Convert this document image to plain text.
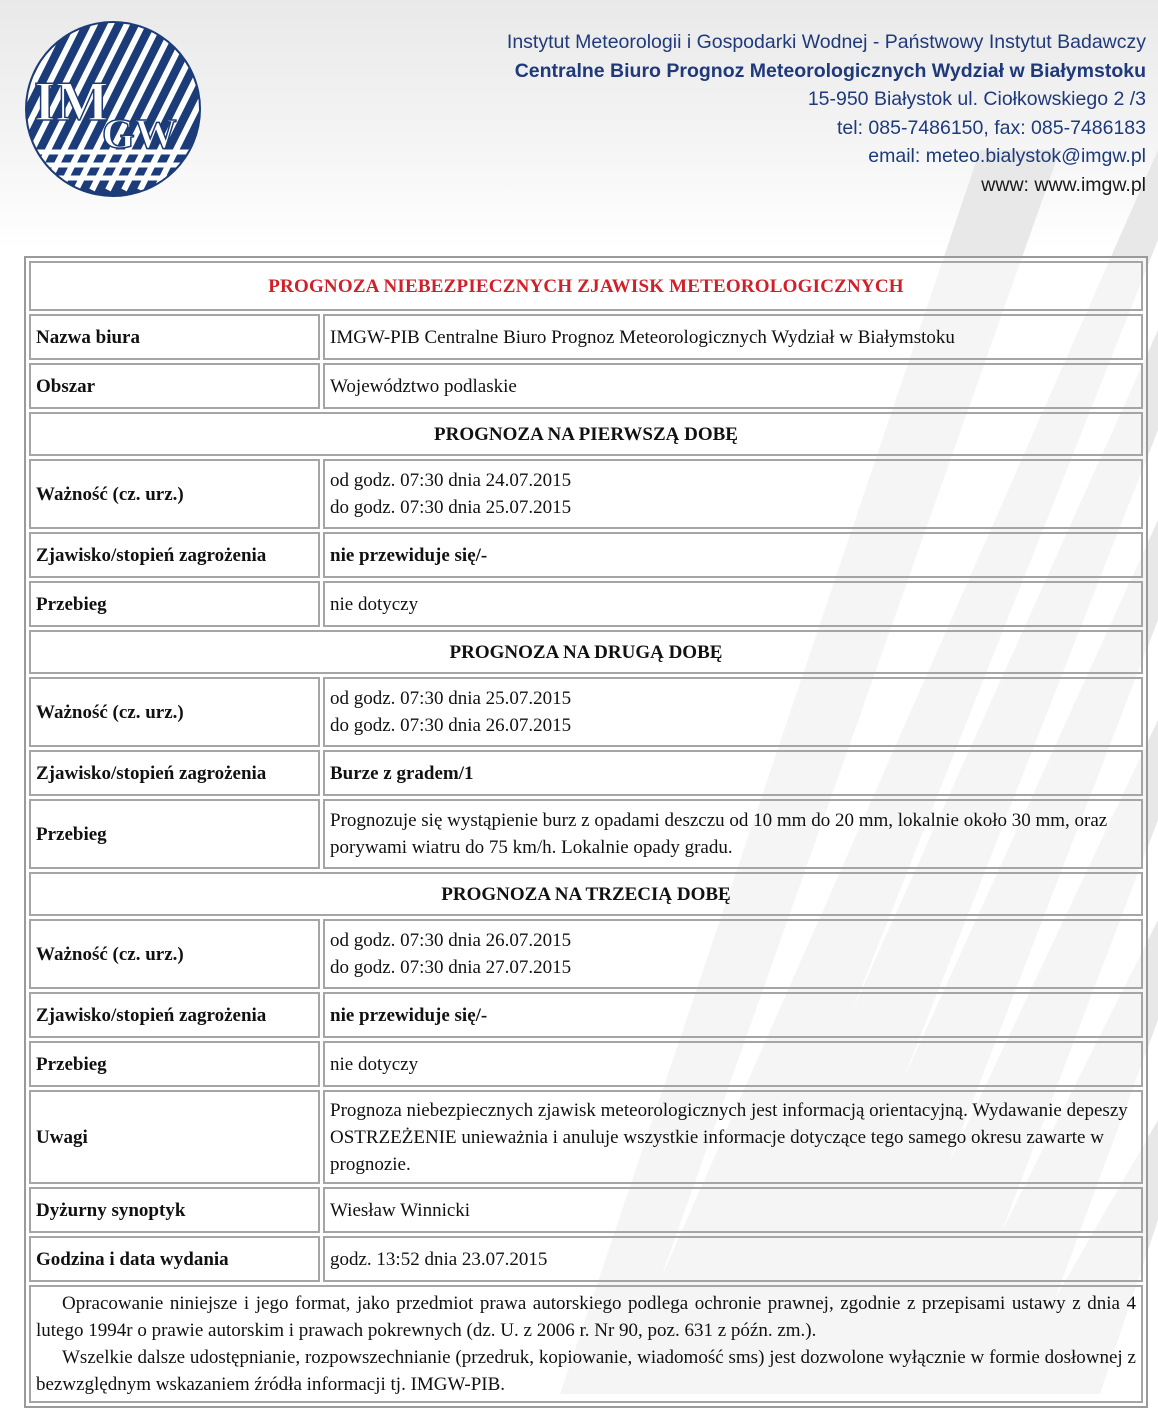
IM
GW
Instytut Meteorologii i Gospodarki Wodnej - Państwowy Instytut Badawczy
Centralne Biuro Prognoz Meteorologicznych Wydział w Białymstoku
15-950 Białystok ul. Ciołkowskiego 2 /3
tel: 085-7486150, fax: 085-7486183
email: meteo.bialystok@imgw.pl
www: www.imgw.pl
PROGNOZA NIEBEZPIECZNYCH ZJAWISK METEOROLOGICZNYCH	
Nazwa biura	IMGW-PIB Centralne Biuro Prognoz Meteorologicznych Wydział w Białymstoku
Obszar	Województwo podlaskie
PROGNOZA NA PIERWSZĄ DOBĘ	
Ważność (cz. urz.)	od godz. 07:30 dnia 24.07.2015
do godz. 07:30 dnia 25.07.2015

Zjawisko/stopień zagrożenia	nie przewiduje się/-
Przebieg	nie dotyczy
PROGNOZA NA DRUGĄ DOBĘ	
Ważność (cz. urz.)	od godz. 07:30 dnia 25.07.2015
do godz. 07:30 dnia 26.07.2015

Zjawisko/stopień zagrożenia	Burze z gradem/1
Przebieg	Prognozuje się wystąpienie burz z opadami deszczu od 10 mm do 20 mm, lokalnie około 30 mm, oraz porywami wiatru do 75 km/h. Lokalnie opady gradu.
PROGNOZA NA TRZECIĄ DOBĘ	
Ważność (cz. urz.)	od godz. 07:30 dnia 26.07.2015
do godz. 07:30 dnia 27.07.2015

Zjawisko/stopień zagrożenia	nie przewiduje się/-
Przebieg	nie dotyczy
Uwagi	Prognoza niebezpiecznych zjawisk meteorologicznych jest informacją orientacyjną. Wydawanie depeszy OSTRZEŻENIE unieważnia i anuluje wszystkie informacje dotyczące tego samego okresu zawarte w prognozie.
Dyżurny synoptyk	Wiesław Winnicki
Godzina i data wydania	godz. 13:52 dnia 23.07.2015

Opracowanie niniejsze i jego format, jako przedmiot prawa autorskiego podlega ochronie prawnej, zgodnie z przepisami ustawy z dnia 4 lutego 1994r o prawie autorskim i prawach pokrewnych (dz. U. z 2006 r. Nr 90, poz. 631 z późn. zm.).

Wszelkie dalsze udostępnianie, rozpowszechnianie (przedruk, kopiowanie, wiadomość sms) jest dozwolone wyłącznie w formie dosłownej z bezwzględnym wskazaniem źródła informacji tj. IMGW-PIB.	
